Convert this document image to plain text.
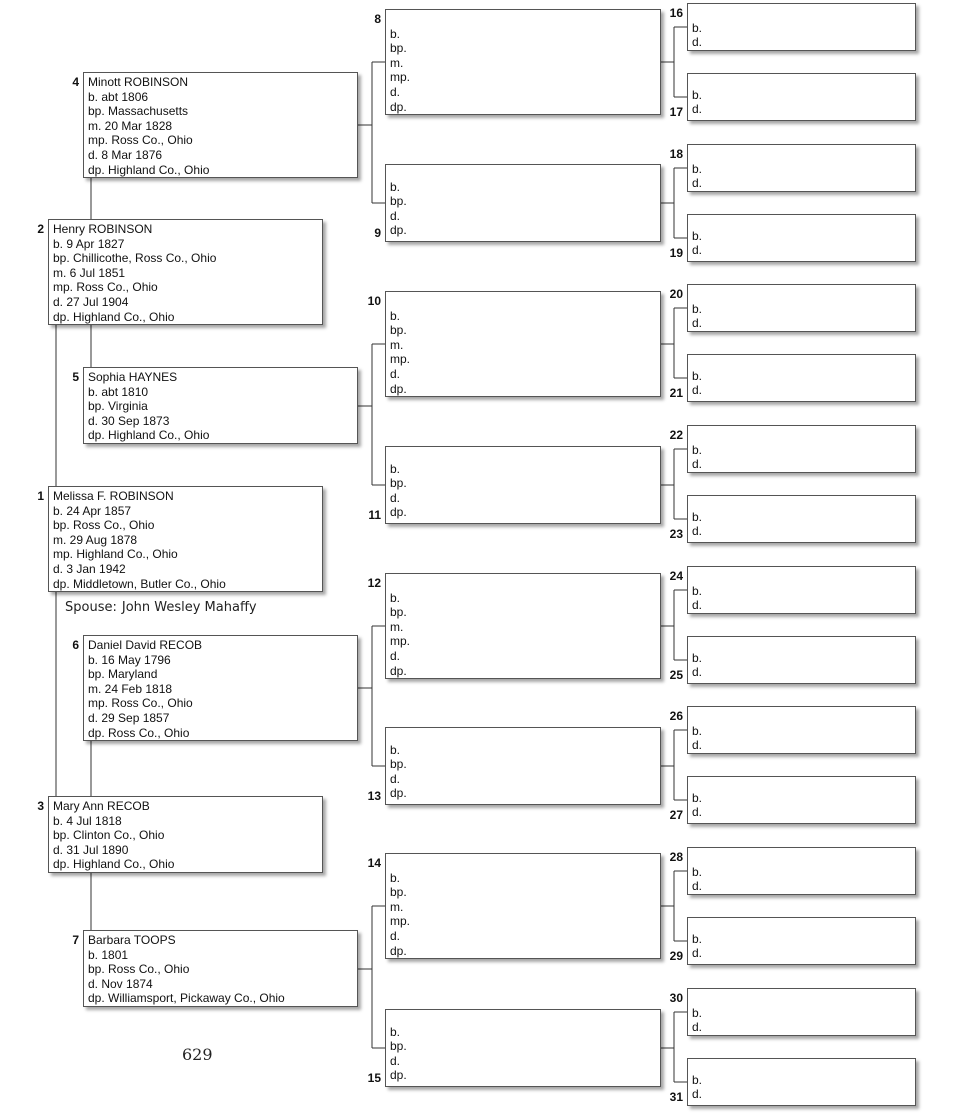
Melissa F. ROBINSON
b. 24 Apr 1857
bp. Ross Co., Ohio
m. 29 Aug 1878
mp. Highland Co., Ohio
d. 3 Jan 1942
dp. Middletown, Butler Co., Ohio
1
Henry ROBINSON
b. 9 Apr 1827
bp. Chillicothe, Ross Co., Ohio
m. 6 Jul 1851
mp. Ross Co., Ohio
d. 27 Jul 1904
dp. Highland Co., Ohio
2
Mary Ann RECOB
b. 4 Jul 1818
bp. Clinton Co., Ohio
d. 31 Jul 1890
dp. Highland Co., Ohio
3
Minott ROBINSON
b. abt 1806
bp. Massachusetts
m. 20 Mar 1828
mp. Ross Co., Ohio
d. 8 Mar 1876
dp. Highland Co., Ohio
4
Sophia HAYNES
b. abt 1810
bp. Virginia
d. 30 Sep 1873
dp. Highland Co., Ohio
5
Daniel David RECOB
b. 16 May 1796
bp. Maryland
m. 24 Feb 1818
mp. Ross Co., Ohio
d. 29 Sep 1857
dp. Ross Co., Ohio
6
Barbara TOOPS
b. 1801
bp. Ross Co., Ohio
d. Nov 1874
dp. Williamsport, Pickaway Co., Ohio
7

b.
bp.
m.
mp.
d.
dp.
8
b.
bp.
d.
dp.
9

b.
bp.
m.
mp.
d.
dp.
10
b.
bp.
d.
dp.
11

b.
bp.
m.
mp.
d.
dp.
12
b.
bp.
d.
dp.
13

b.
bp.
m.
mp.
d.
dp.
14
b.
bp.
d.
dp.
15

b.
d.
16
b.
d.
17

b.
d.
18
b.
d.
19

b.
d.
20
b.
d.
21

b.
d.
22
b.
d.
23

b.
d.
24
b.
d.
25

b.
d.
26
b.
d.
27

b.
d.
28
b.
d.
29

b.
d.
30
b.
d.
31
Spouse: John Wesley Mahaffy
629
